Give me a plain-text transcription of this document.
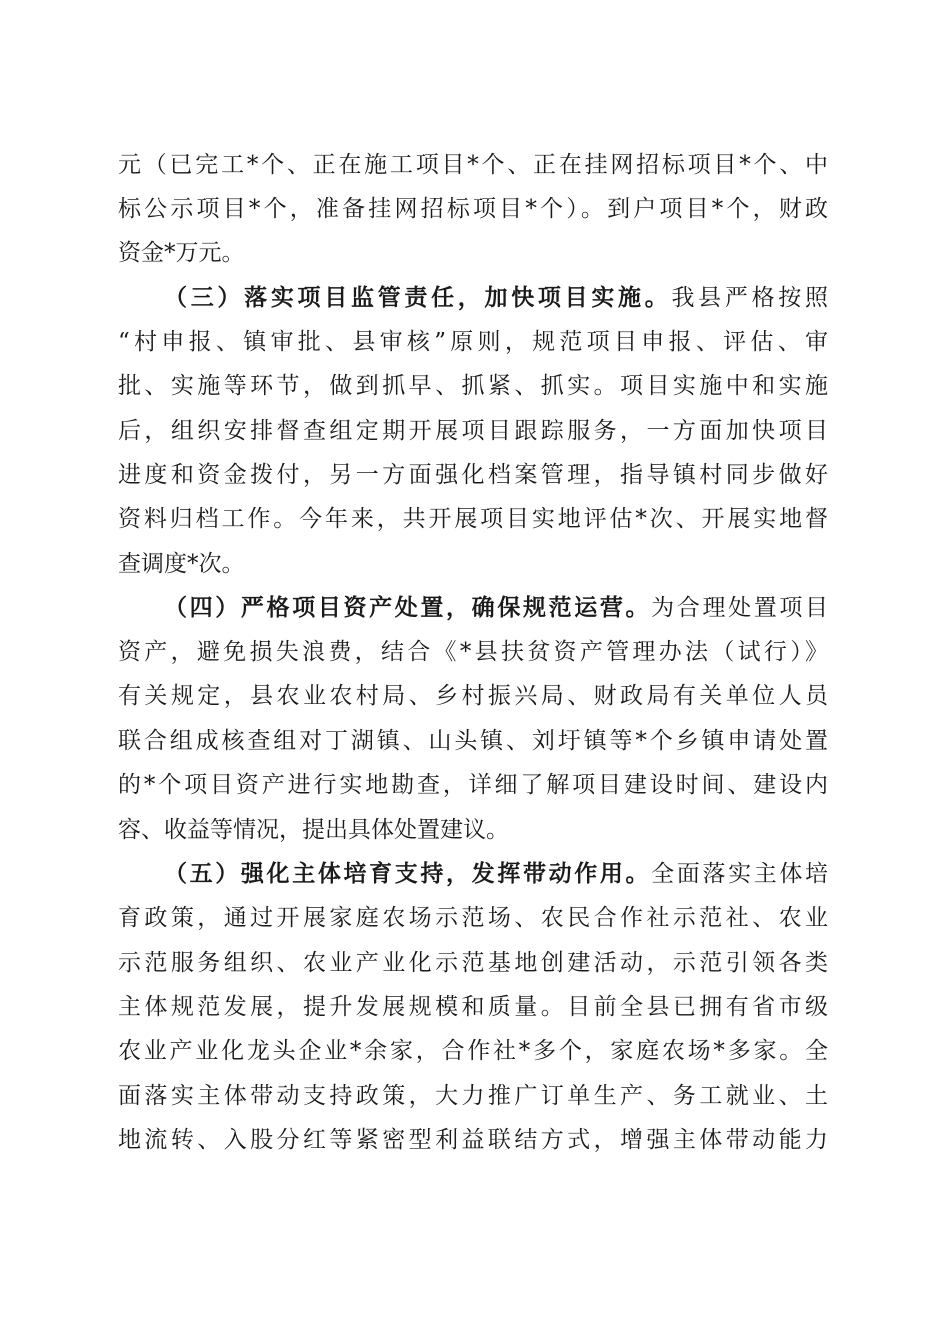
元（已完工*个、正在施工项目*个、正在挂网招标项目*个、中
标公示项目*个，准备挂网招标项目*个）。到户项目*个，财政
资金*万元。
（三）落实项目监管责任，加快项目实施。我县严格按照
“村申报、镇审批、县审核”原则，规范项目申报、评估、审
批、实施等环节，做到抓早、抓紧、抓实。项目实施中和实施
后，组织安排督查组定期开展项目跟踪服务，一方面加快项目
进度和资金拨付，另一方面强化档案管理，指导镇村同步做好
资料归档工作。今年来，共开展项目实地评估*次、开展实地督
查调度*次。
（四）严格项目资产处置，确保规范运营。为合理处置项目
资产，避免损失浪费，结合《*县扶贫资产管理办法（试行）》
有关规定，县农业农村局、乡村振兴局、财政局有关单位人员
联合组成核查组对丁湖镇、山头镇、刘圩镇等*个乡镇申请处置
的*个项目资产进行实地勘查，详细了解项目建设时间、建设内
容、收益等情况，提出具体处置建议。
（五）强化主体培育支持，发挥带动作用。全面落实主体培
育政策，通过开展家庭农场示范场、农民合作社示范社、农业
示范服务组织、农业产业化示范基地创建活动，示范引领各类
主体规范发展，提升发展规模和质量。目前全县已拥有省市级
农业产业化龙头企业*余家，合作社*多个，家庭农场*多家。全
面落实主体带动支持政策，大力推广订单生产、务工就业、土
地流转、入股分红等紧密型利益联结方式，增强主体带动能力
